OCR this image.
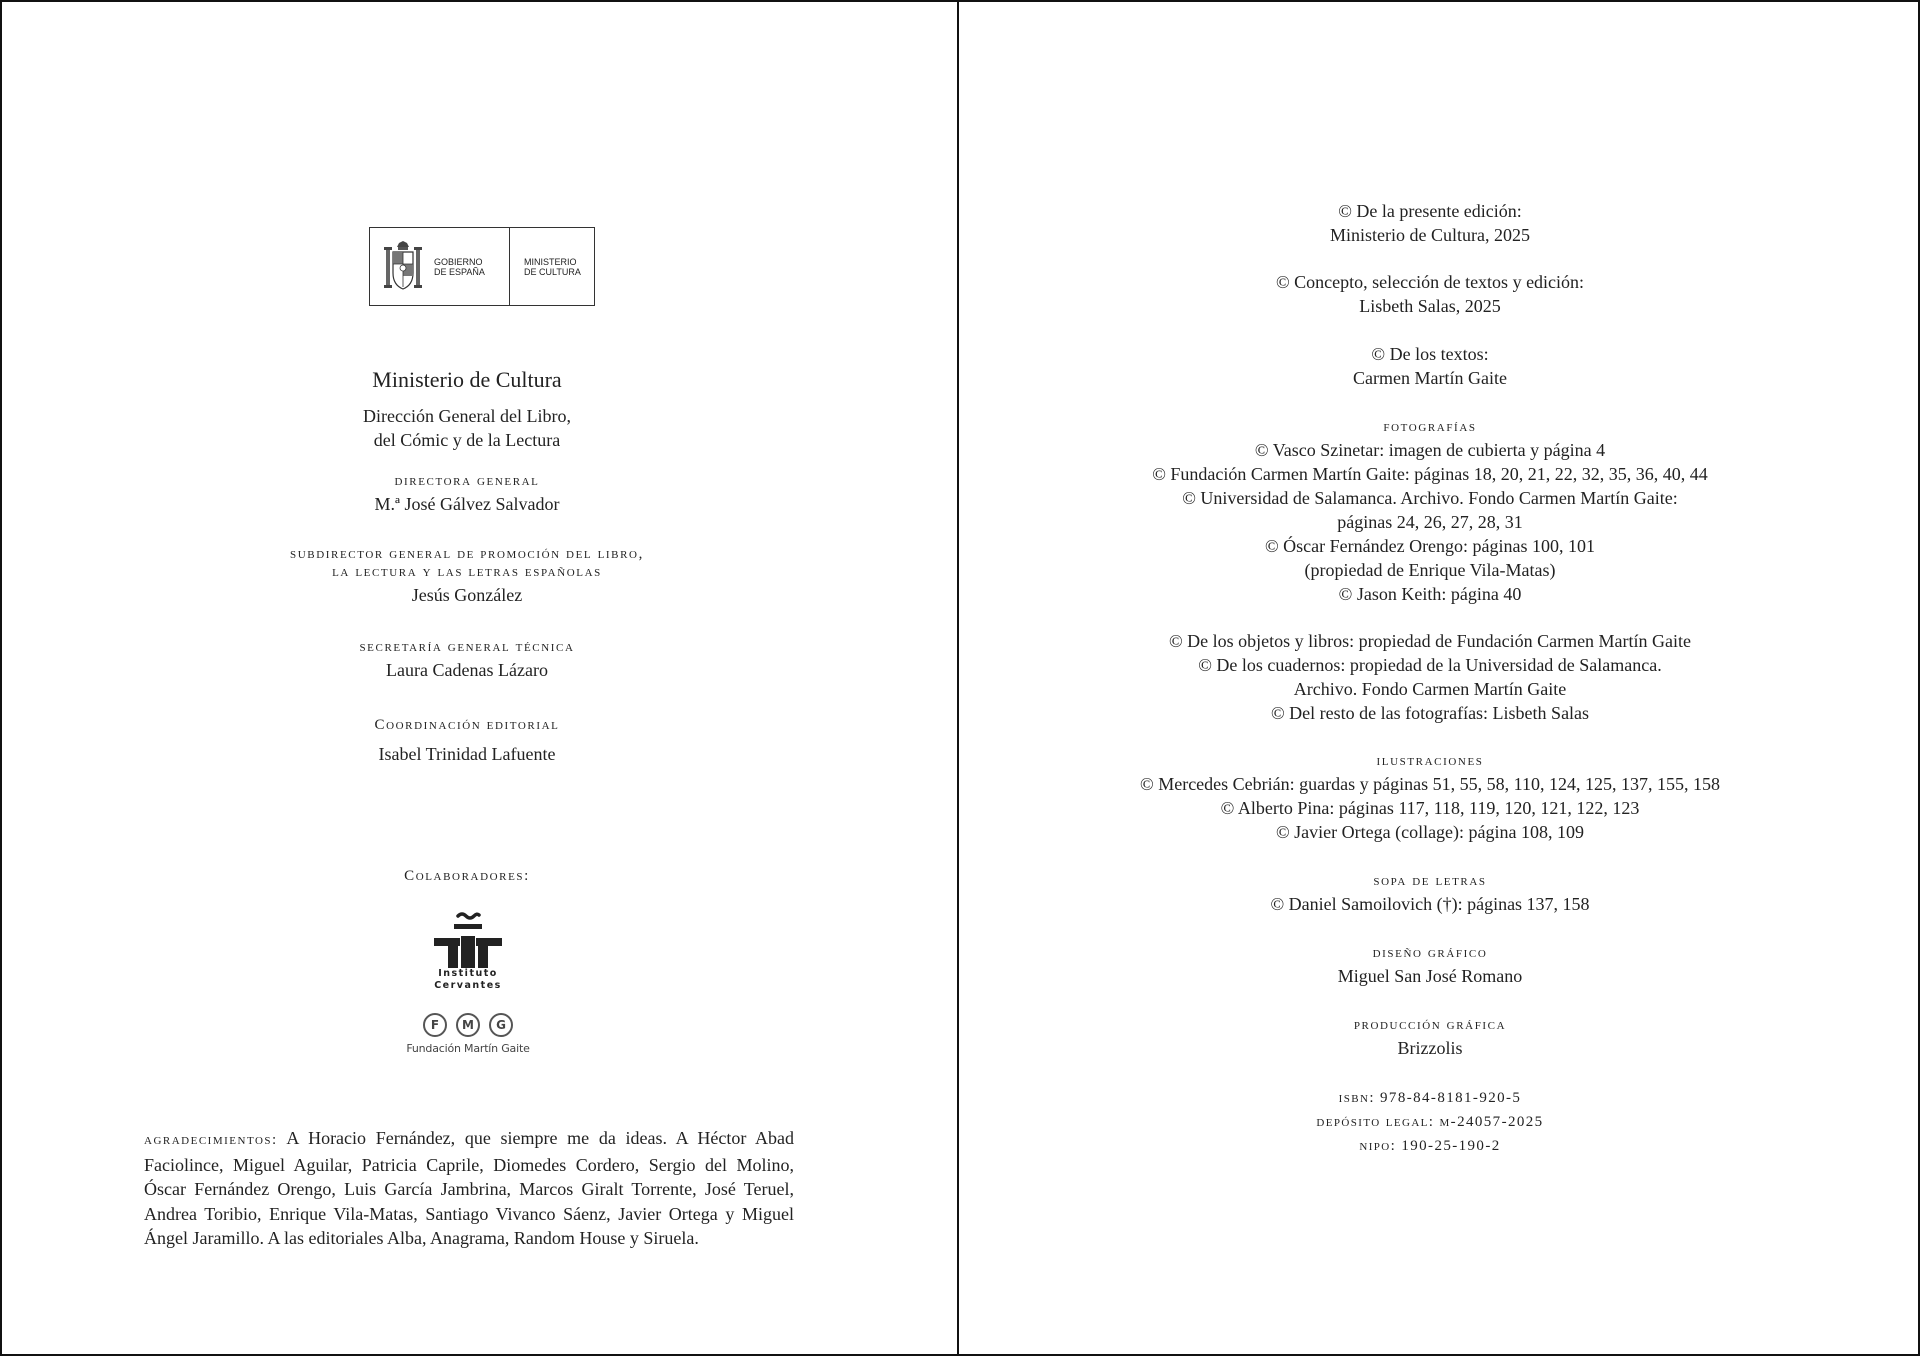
GOBIERNO
DE ESPAÑA
MINISTERIO
DE CULTURA
Ministerio de Cultura
Dirección General del Libro,
del Cómic y de la Lectura
directora general
M.ª José Gálvez Salvador
subdirector general de promoción del libro,
la lectura y las letras españolas
Jesús González
secretaría general técnica
Laura Cadenas Lázaro
Coordinación editorial
Isabel Trinidad Lafuente
Colaboradores:
Instituto
Cervantes
F	M	G
Fundación Martín Gaite
agradecimientos: A Horacio Fernández, que siempre me da ideas. A Héctor Abad Faciolince, Miguel Aguilar, Patricia Caprile, Diomedes Cordero, Sergio del Molino, Óscar Fernández Orengo, Luis García Jambrina, Marcos Giralt Torrente, José Teruel, Andrea Toribio, Enrique Vila-Matas, Santiago Vivanco Sáenz, Javier Ortega y Miguel Ángel Jaramillo. A las editoriales Alba, Anagrama, Random House y Siruela.
© De la presente edición:
Ministerio de Cultura, 2025
© Concepto, selección de textos y edición:
Lisbeth Salas, 2025
© De los textos:
Carmen Martín Gaite
fotografías
© Vasco Szinetar: imagen de cubierta y página 4
© Fundación Carmen Martín Gaite: páginas 18, 20, 21, 22, 32, 35, 36, 40, 44
© Universidad de Salamanca. Archivo. Fondo Carmen Martín Gaite:
páginas 24, 26, 27, 28, 31
© Óscar Fernández Orengo: páginas 100, 101
(propiedad de Enrique Vila-Matas)
© Jason Keith: página 40
© De los objetos y libros: propiedad de Fundación Carmen Martín Gaite
© De los cuadernos: propiedad de la Universidad de Salamanca.
Archivo. Fondo Carmen Martín Gaite
© Del resto de las fotografías: Lisbeth Salas
ilustraciones
© Mercedes Cebrián: guardas y páginas 51, 55, 58, 110, 124, 125, 137, 155, 158
© Alberto Pina: páginas 117, 118, 119, 120, 121, 122, 123
© Javier Ortega (collage): página 108, 109
sopa de letras
© Daniel Samoilovich (†): páginas 137, 158
diseño gráfico
Miguel San José Romano
producción gráfica
Brizzolis
isbn: 978-84-8181-920-5
depósito legal: m-24057-2025
nipo: 190-25-190-2
